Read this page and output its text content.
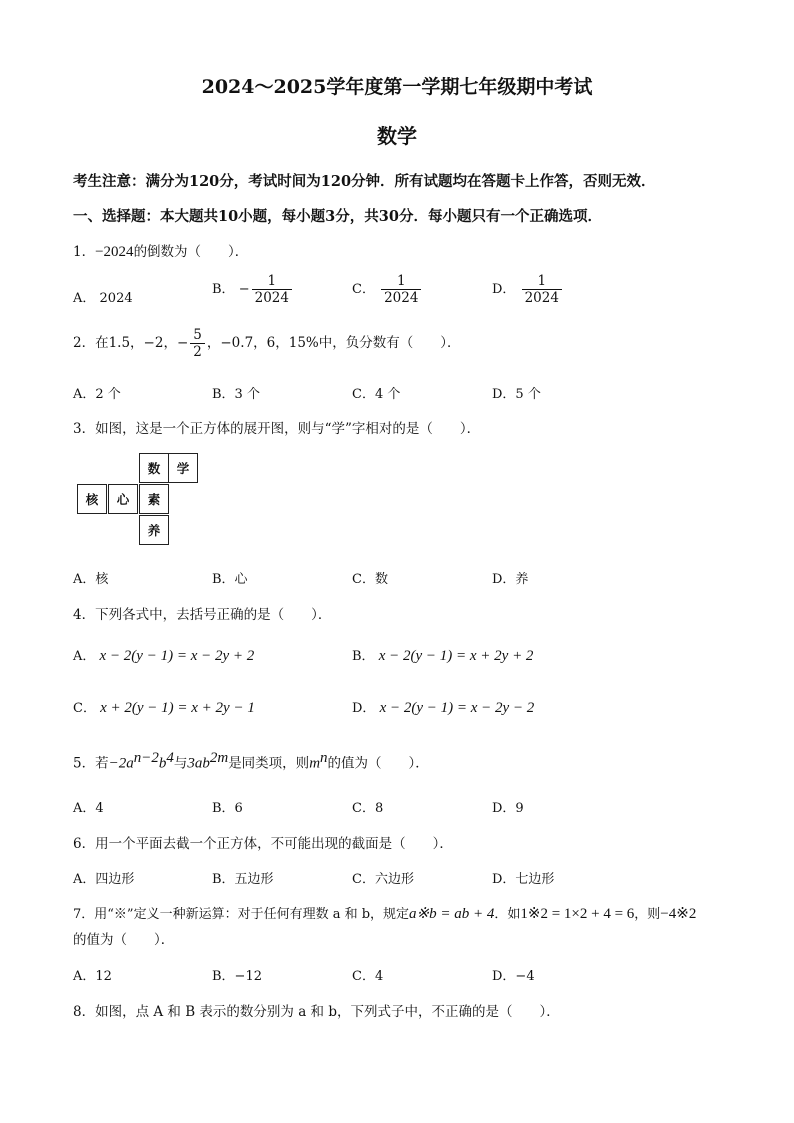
2024～2025学年度第一学期七年级期中考试
数学
考生注意：满分为120分，考试时间为120分钟．所有试题均在答题卡上作答，否则无效．
一、选择题：本大题共10小题，每小题3分，共30分．每小题只有一个正确选项．
1．−2024的倒数为（　　）．
A． 2024
B． − $\frac{1}{2024}$	C． $\frac{1}{2024}$	D． $\frac{1}{2024}$
2．在1.5，−2，− $\frac{5}{2}$ ，−0.7，6，15%中，负分数有（　　）．
A．2 个	B．3 个	C．4 个	D．5 个
3．如图，这是一个正方体的展开图，则与“学”字相对的是（　　）．
数	学
核	心	素
养
A．核	B．心	C．数	D．养
4．下列各式中，去括号正确的是（　　）．
A． x − 2(y − 1) = x − 2y + 2	B． x − 2(y − 1) = x + 2y + 2
C． x + 2(y − 1) = x + 2y − 1	D． x − 2(y − 1) = x − 2y − 2
5．若$-2a^{n-2}b^4$与$3ab^{2m}$是同类项，则$m^n$的值为（　　）．
A．4	B．6	C．8	D．9
6．用一个平面去截一个正方体，不可能出现的截面是（　　）．
A．四边形	B．五边形	C．六边形	D．七边形
7．用“※”定义一种新运算：对于任何有理数 a 和 b，规定a※b = ab + 4．如1※2 = 1×2 + 4 = 6，则−4※2
的值为（　　）．
A．12	B．−12	C．4	D．−4
8．如图，点 A 和 B 表示的数分别为 a 和 b，下列式子中，不正确的是（　　）．
